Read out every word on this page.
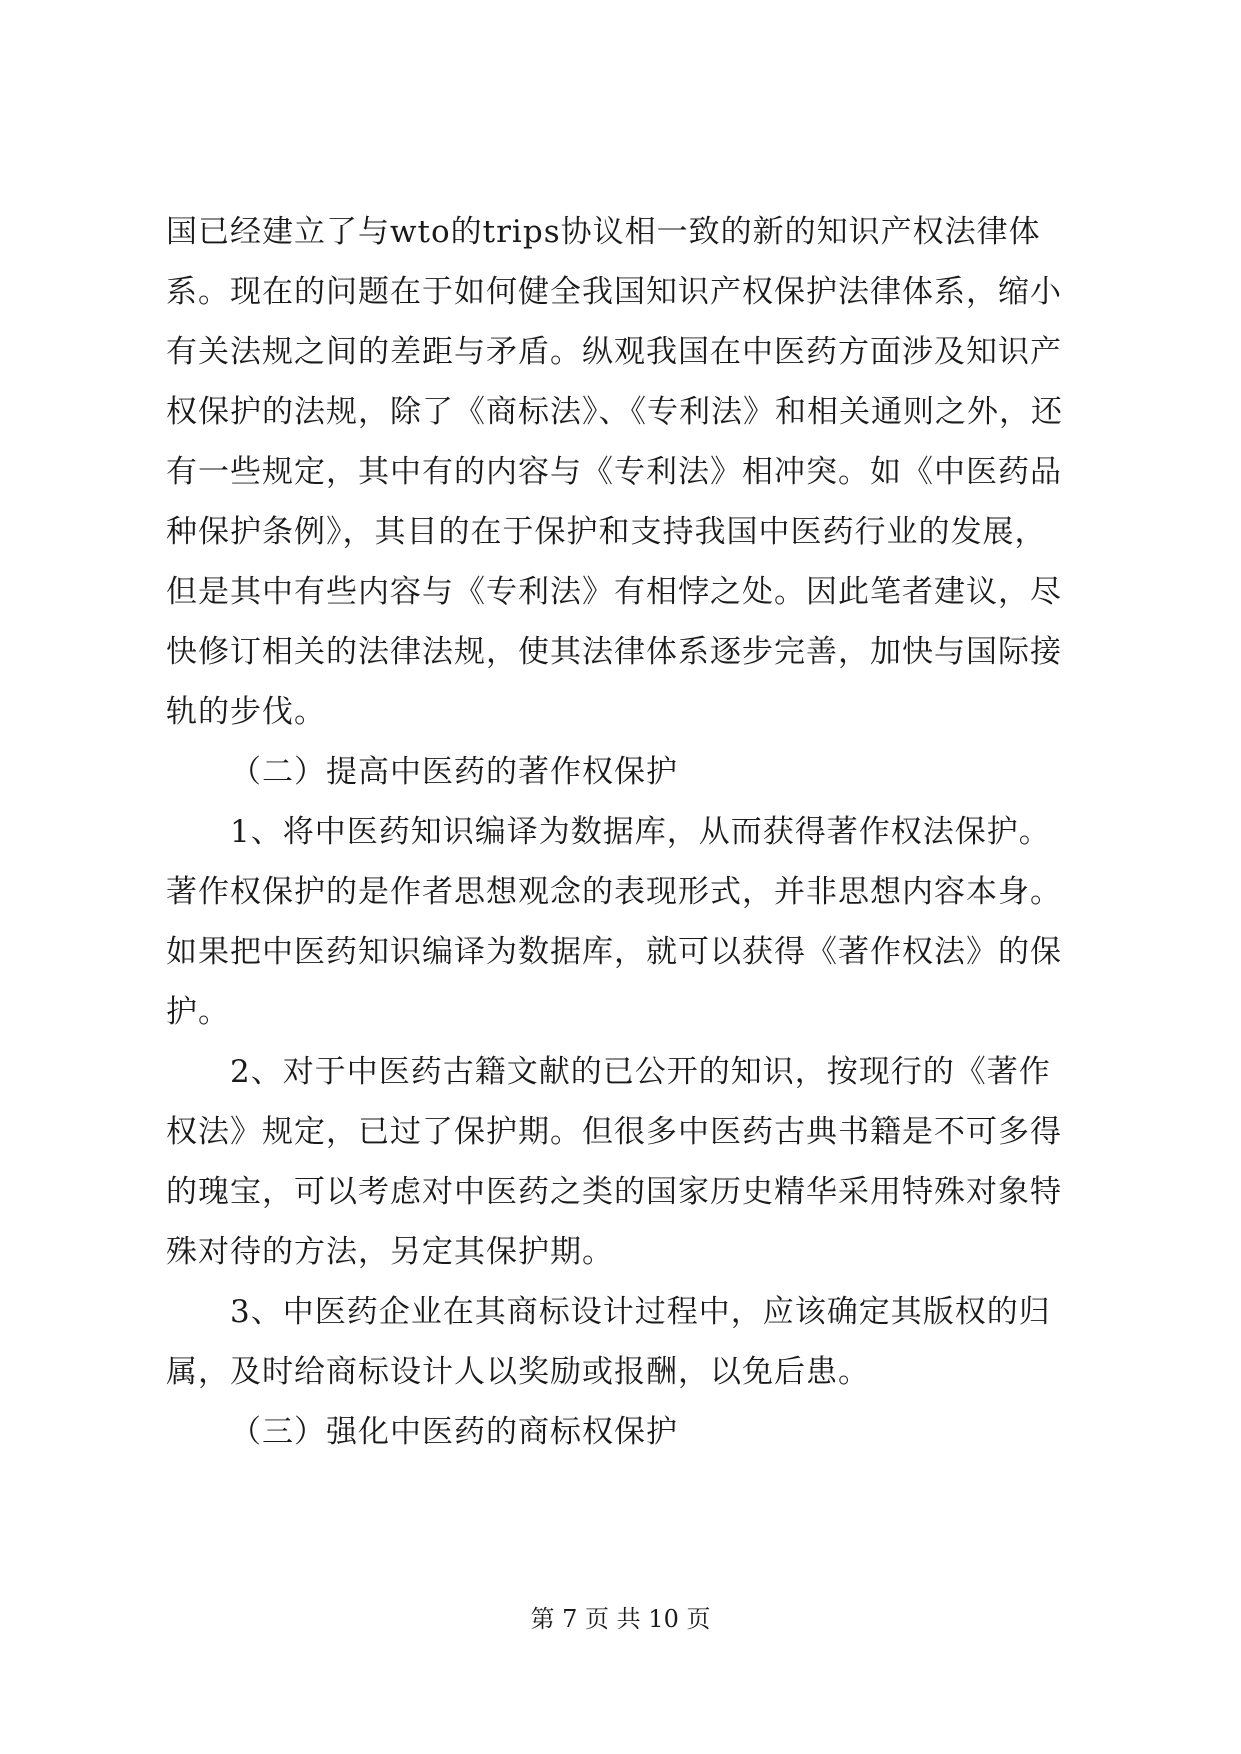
国已经建立了与wto的trips协议相一致的新的知识产权法律体
系。现在的问题在于如何健全我国知识产权保护法律体系，缩小
有关法规之间的差距与矛盾。纵观我国在中医药方面涉及知识产
权保护的法规，除了《商标法》、《专利法》和相关通则之外，还
有一些规定，其中有的内容与《专利法》相冲突。如《中医药品
种保护条例》，其目的在于保护和支持我国中医药行业的发展，
但是其中有些内容与《专利法》有相悖之处。因此笔者建议，尽
快修订相关的法律法规，使其法律体系逐步完善，加快与国际接
轨的步伐。
（二）提高中医药的著作权保护
1、将中医药知识编译为数据库，从而获得著作权法保护。
著作权保护的是作者思想观念的表现形式，并非思想内容本身。
如果把中医药知识编译为数据库，就可以获得《著作权法》的保
护。
2、对于中医药古籍文献的已公开的知识，按现行的《著作
权法》规定，已过了保护期。但很多中医药古典书籍是不可多得
的瑰宝，可以考虑对中医药之类的国家历史精华采用特殊对象特
殊对待的方法，另定其保护期。
3、中医药企业在其商标设计过程中，应该确定其版权的归
属，及时给商标设计人以奖励或报酬，以免后患。
（三）强化中医药的商标权保护
第 7 页 共 10 页
